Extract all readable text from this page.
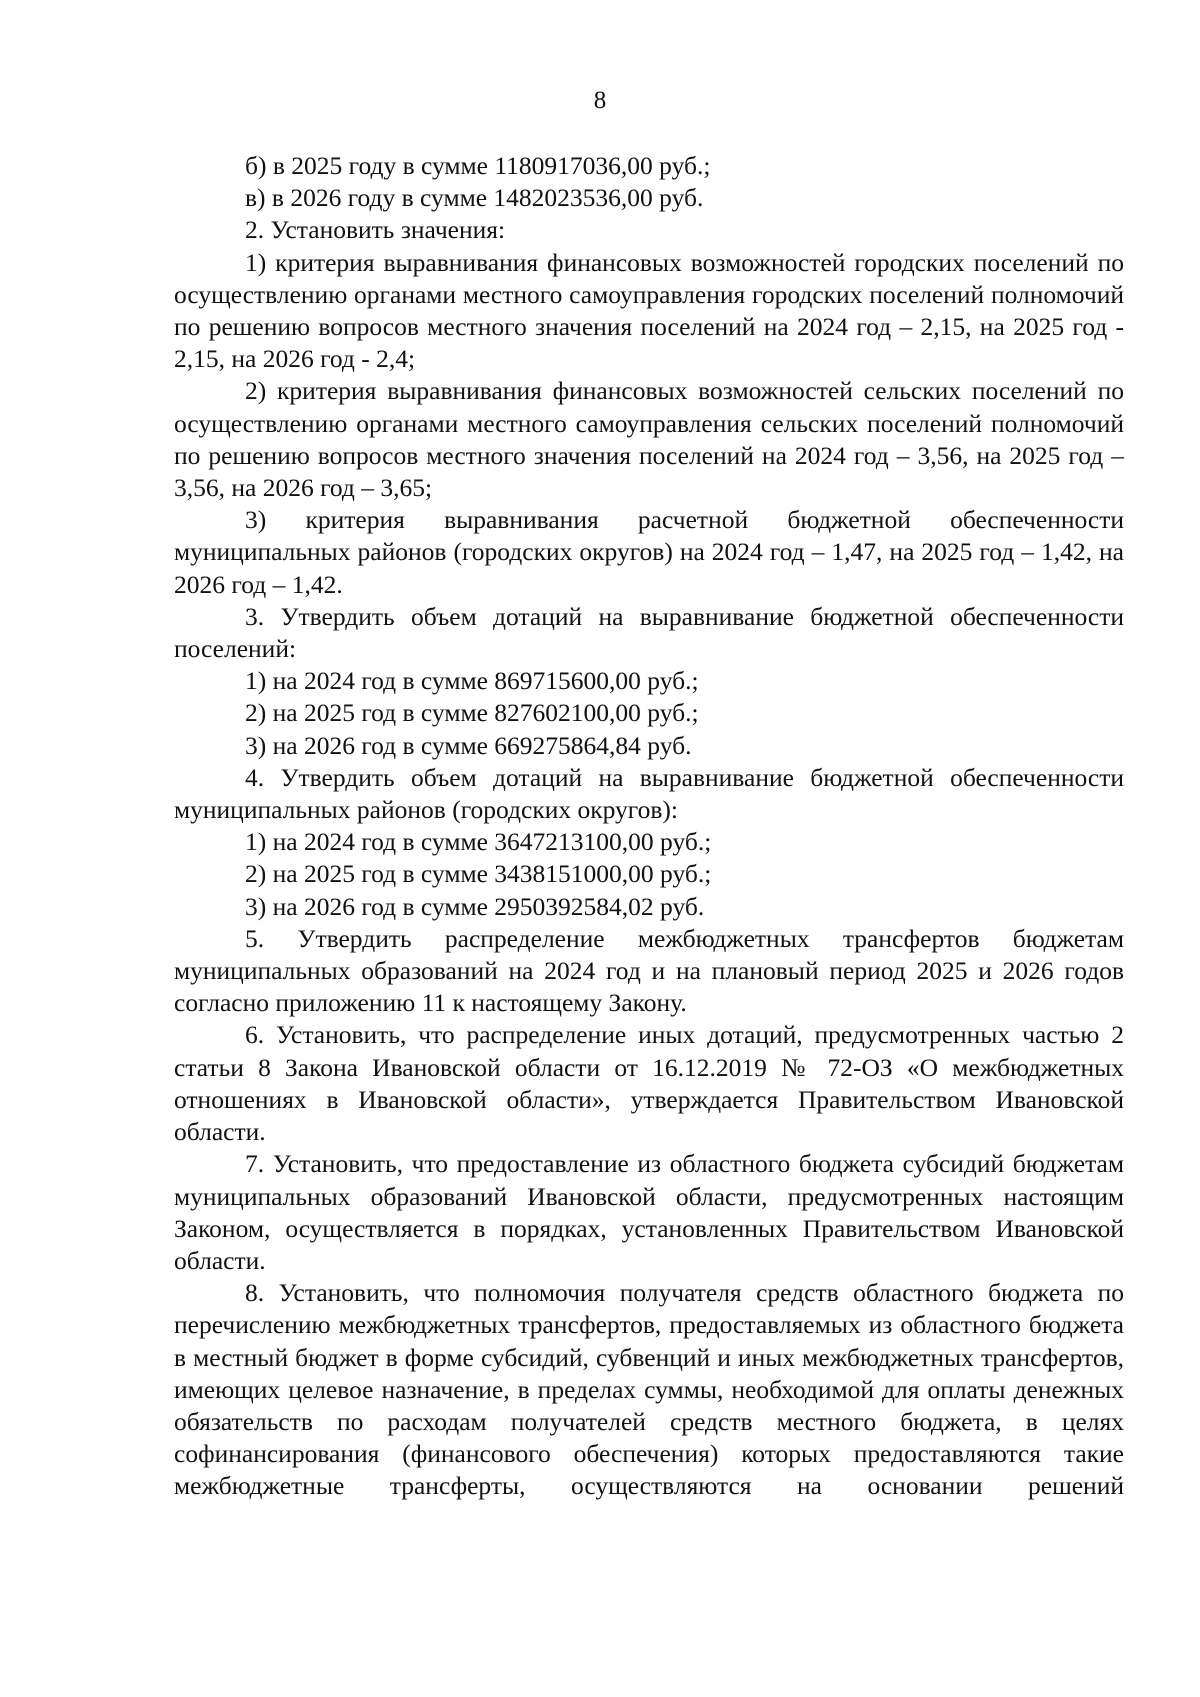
8

б) в 2025 году в сумме 1180917036,00 руб.;

в) в 2026 году в сумме 1482023536,00 руб.

2. Установить значения:

1) критерия выравнивания финансовых возможностей городских поселений по осуществлению органами местного самоуправления городских поселений полномочий по решению вопросов местного значения поселений на 2024 год – 2,15, на 2025 год - 2,15, на 2026 год - 2,4;

2) критерия выравнивания финансовых возможностей сельских поселений по осуществлению органами местного самоуправления сельских поселений полномочий по решению вопросов местного значения поселений на 2024 год – 3,56, на 2025 год – 3,56, на 2026 год – 3,65;

3) критерия выравнивания расчетной бюджетной обеспеченности муниципальных районов (городских округов) на 2024 год – 1,47, на 2025 год – 1,42, на 2026 год – 1,42.

3. Утвердить объем дотаций на выравнивание бюджетной обеспеченности поселений:

1) на 2024 год в сумме 869715600,00 руб.;

2) на 2025 год в сумме 827602100,00 руб.;

3) на 2026 год в сумме 669275864,84 руб.

4. Утвердить объем дотаций на выравнивание бюджетной обеспеченности муниципальных районов (городских округов):

1) на 2024 год в сумме 3647213100,00 руб.;

2) на 2025 год в сумме 3438151000,00 руб.;

3) на 2026 год в сумме 2950392584,02 руб.

5. Утвердить распределение межбюджетных трансфертов бюджетам муниципальных образований на 2024 год и на плановый период 2025 и 2026 годов согласно приложению 11 к настоящему Закону.

6. Установить, что распределение иных дотаций, предусмотренных частью 2 статьи 8 Закона Ивановской области от 16.12.2019 № 72-ОЗ «О межбюджетных отношениях в Ивановской области», утверждается Правительством Ивановской области.

7. Установить, что предоставление из областного бюджета субсидий бюджетам муниципальных образований Ивановской области, предусмотренных настоящим Законом, осуществляется в порядках, установленных Правительством Ивановской области.

8. Установить, что полномочия получателя средств областного бюджета по перечислению межбюджетных трансфертов, предоставляемых из областного бюджета в местный бюджет в форме субсидий, субвенций и иных межбюджетных трансфертов, имеющих целевое назначение, в пределах суммы, необходимой для оплаты денежных обязательств по расходам получателей средств местного бюджета, в целях софинансирования (финансового обеспечения) которых предоставляются такие межбюджетные трансферты, осуществляются на основании решений
